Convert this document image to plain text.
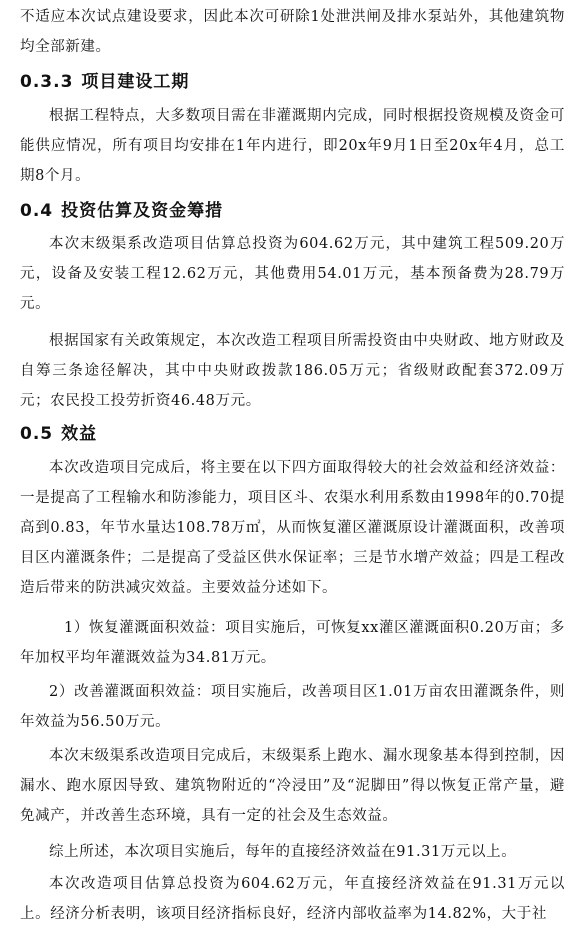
不适应本次试点建设要求，因此本次可研除1处泄洪闸及排水泵站外，其他建筑物均全部新建。

0.3.3 项目建设工期

根据工程特点，大多数项目需在非灌溉期内完成，同时根据投资规模及资金可能供应情况，所有项目均安排在1年内进行，即20x年9月1日至20x年4月，总工期8个月。

0.4 投资估算及资金筹措

本次末级渠系改造项目估算总投资为604.62万元，其中建筑工程509.20万元，设备及安装工程12.62万元，其他费用54.01万元，基本预备费为28.79万元。

根据国家有关政策规定，本次改造工程项目所需投资由中央财政、地方财政及自筹三条途径解决，其中中央财政拨款186.05万元；省级财政配套372.09万元；农民投工投劳折资46.48万元。

0.5 效益

本次改造项目完成后，将主要在以下四方面取得较大的社会效益和经济效益：一是提高了工程输水和防渗能力，项目区斗、农渠水利用系数由1998年的0.70提高到0.83，年节水量达108.78万㎡，从而恢复灌区灌溉原设计灌溉面积，改善项目区内灌溉条件；二是提高了受益区供水保证率；三是节水增产效益；四是工程改造后带来的防洪减灾效益。主要效益分述如下。

1）恢复灌溉面积效益：项目实施后，可恢复xx灌区灌溉面积0.20万亩；多年加权平均年灌溉效益为34.81万元。

2）改善灌溉面积效益：项目实施后，改善项目区1.01万亩农田灌溉条件，则年效益为56.50万元。

本次末级渠系改造项目完成后，末级渠系上跑水、漏水现象基本得到控制，因漏水、跑水原因导致、建筑物附近的“冷浸田”及“泥脚田”得以恢复正常产量，避免减产，并改善生态环境，具有一定的社会及生态效益。

综上所述，本次项目实施后，每年的直接经济效益在91.31万元以上。

本次改造项目估算总投资为604.62万元，年直接经济效益在91.31万元以上。经济分析表明，该项目经济指标良好，经济内部收益率为14.82%，大于社
